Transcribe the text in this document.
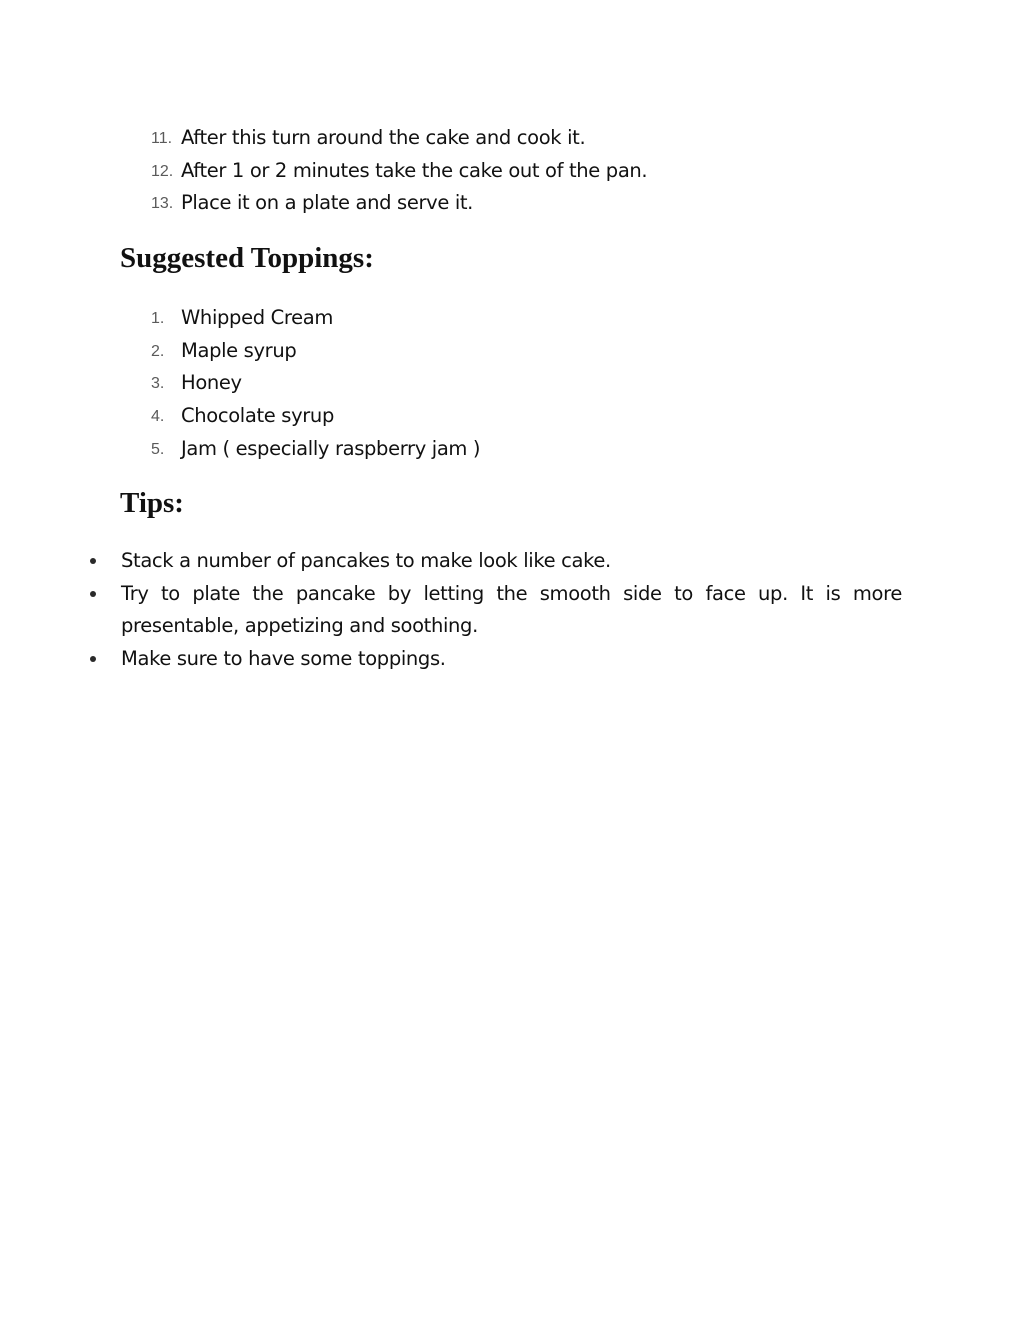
11. After this turn around the cake and cook it.
12. After 1 or 2 minutes take the cake out of the pan.
13. Place it on a plate and serve it.
Suggested Toppings:
1. Whipped Cream
2. Maple syrup
3. Honey
4. Chocolate syrup
5. Jam ( especially raspberry jam )
Tips:
Stack a number of pancakes to make look like cake.
Try to plate the pancake by letting the smooth side to face up. It is more presentable, appetizing and soothing.
Make sure to have some toppings.
